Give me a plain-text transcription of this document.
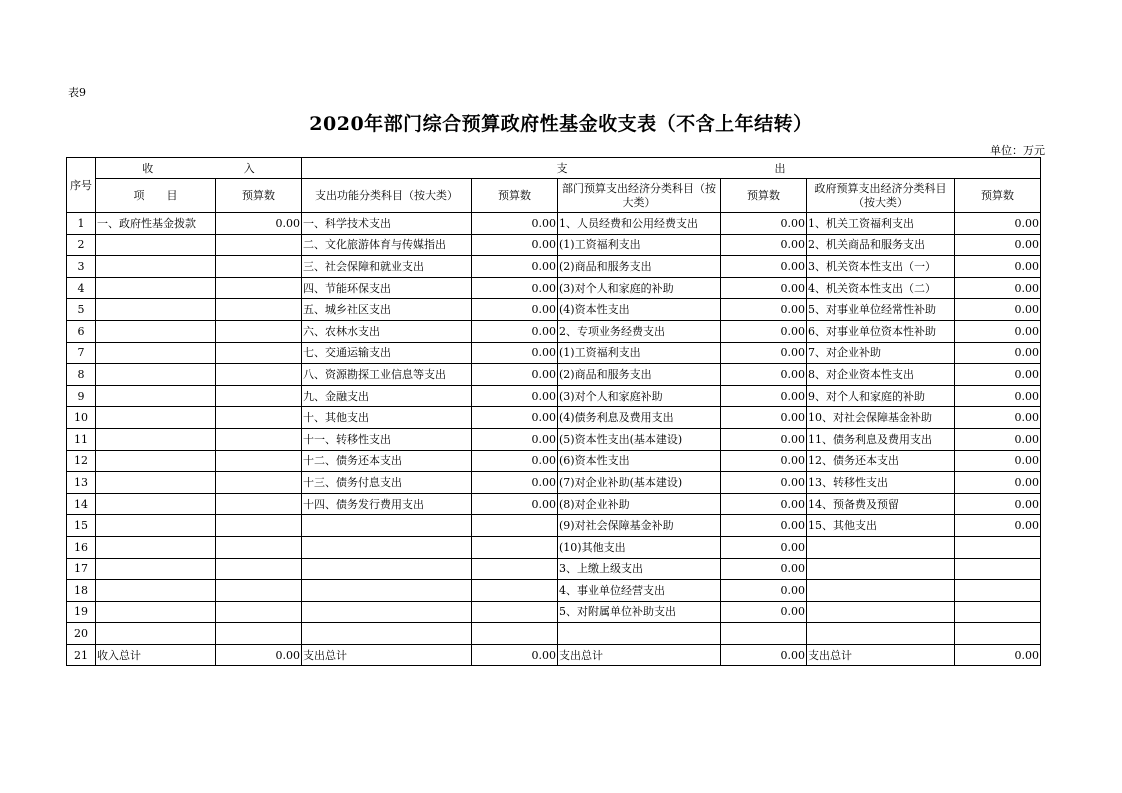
表9
2020年部门综合预算政府性基金收支表（不含上年结转）
单位：万元
序号	收 入		支 出					

	项　　目	预算数	支出功能分类科目（按大类）	预算数	部门预算支出经济分类科目（按大类）	预算数	政府预算支出经济分类科目（按大类）	预算数
1	一、政府性基金拨款	0.00	一、科学技术支出	0.00	1、人员经费和公用经费支出	0.00	1、机关工资福利支出	0.00
2			二、文化旅游体育与传媒指出	0.00	(1)工资福利支出	0.00	2、机关商品和服务支出	0.00
3			三、社会保障和就业支出	0.00	(2)商品和服务支出	0.00	3、机关资本性支出（一）	0.00
4			四、节能环保支出	0.00	(3)对个人和家庭的补助	0.00	4、机关资本性支出（二）	0.00
5			五、城乡社区支出	0.00	(4)资本性支出	0.00	5、对事业单位经常性补助	0.00
6			六、农林水支出	0.00	2、专项业务经费支出	0.00	6、对事业单位资本性补助	0.00
7			七、交通运输支出	0.00	(1)工资福利支出	0.00	7、对企业补助	0.00
8			八、资源勘探工业信息等支出	0.00	(2)商品和服务支出	0.00	8、对企业资本性支出	0.00
9			九、金融支出	0.00	(3)对个人和家庭补助	0.00	9、对个人和家庭的补助	0.00
10			十、其他支出	0.00	(4)债务利息及费用支出	0.00	10、对社会保障基金补助	0.00
11			十一、转移性支出	0.00	(5)资本性支出(基本建设)	0.00	11、债务利息及费用支出	0.00
12			十二、债务还本支出	0.00	(6)资本性支出	0.00	12、债务还本支出	0.00
13			十三、债务付息支出	0.00	(7)对企业补助(基本建设)	0.00	13、转移性支出	0.00
14			十四、债务发行费用支出	0.00	(8)对企业补助	0.00	14、预备费及预留	0.00
15					(9)对社会保障基金补助	0.00	15、其他支出	0.00
16					(10)其他支出	0.00		
17					3、上缴上级支出	0.00		
18					4、事业单位经营支出	0.00		
19					5、对附属单位补助支出	0.00		
20								
21	收入总计	0.00	支出总计	0.00	支出总计	0.00	支出总计	0.00
